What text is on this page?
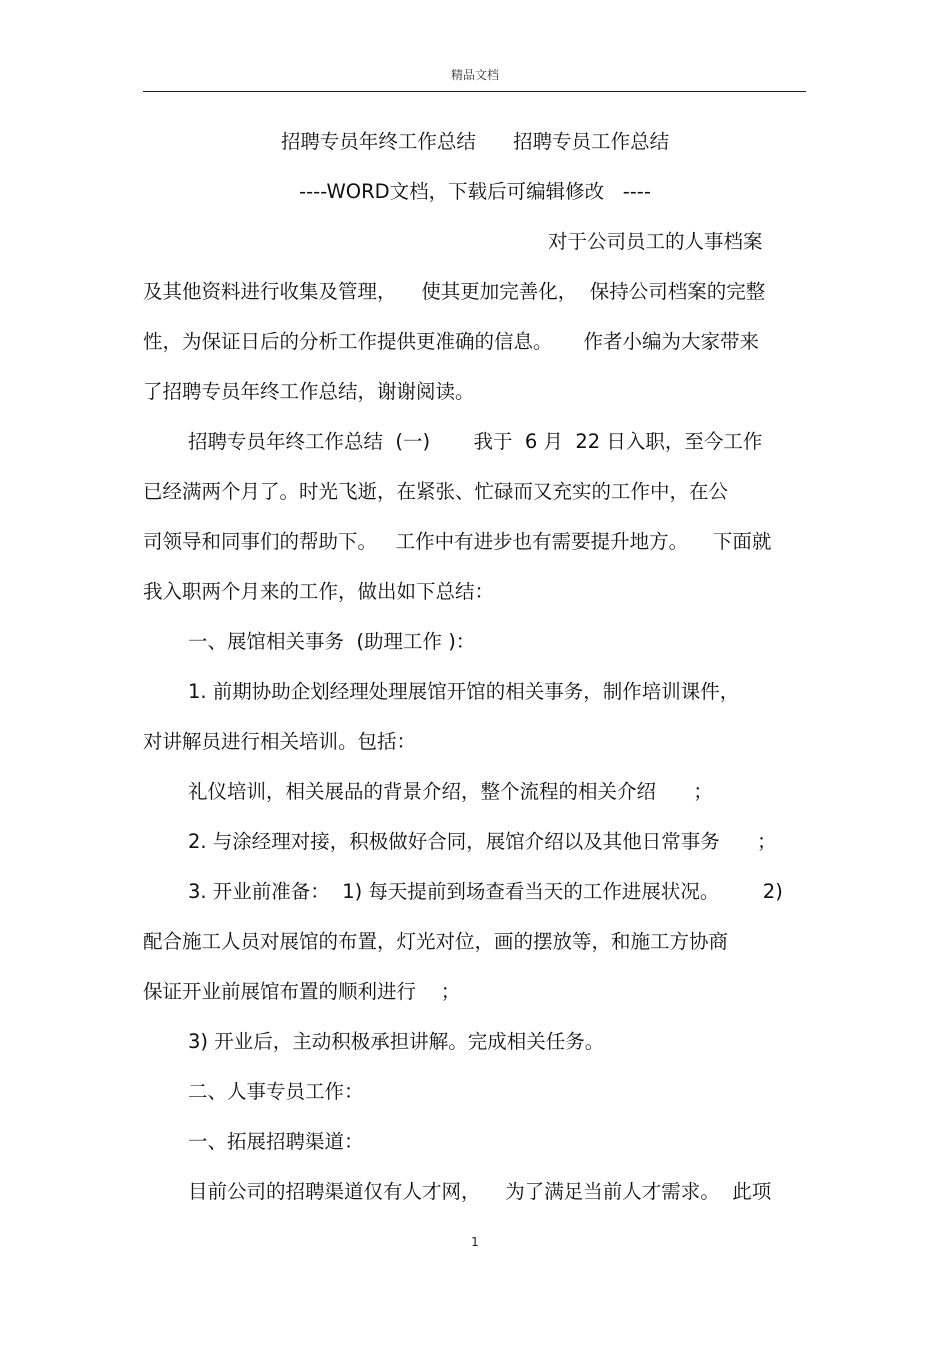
精品文档
招聘专员年终工作总结      招聘专员工作总结
----WORD文档，下载后可编辑修改   ----
对于公司员工的人事档案
及其他资料进行收集及管理，    使其更加完善化，  保持公司档案的完整
性，为保证日后的分析工作提供更准确的信息。     作者小编为大家带来
了招聘专员年终工作总结，谢谢阅读。
招聘专员年终工作总结  (一)       我于  6 月  22 日入职，至今工作
已经满两个月了。时光飞逝，在紧张、忙碌而又充实的工作中，在公
司领导和同事们的帮助下。   工作中有进步也有需要提升地方。    下面就
我入职两个月来的工作，做出如下总结：
一、展馆相关事务  (助理工作 )：
1. 前期协助企划经理处理展馆开馆的相关事务，制作培训课件，
对讲解员进行相关培训。包括：
礼仪培训，相关展品的背景介绍，整个流程的相关介绍      ；
2. 与涂经理对接，积极做好合同，展馆介绍以及其他日常事务      ；
3. 开业前准备：  1) 每天提前到场查看当天的工作进展状况。       2)
配合施工人员对展馆的布置，灯光对位，画的摆放等，和施工方协商
保证开业前展馆布置的顺利进行    ；
3) 开业后，主动积极承担讲解。完成相关任务。
二、人事专员工作：
一、拓展招聘渠道：
目前公司的招聘渠道仅有人才网，    为了满足当前人才需求。  此项
1
